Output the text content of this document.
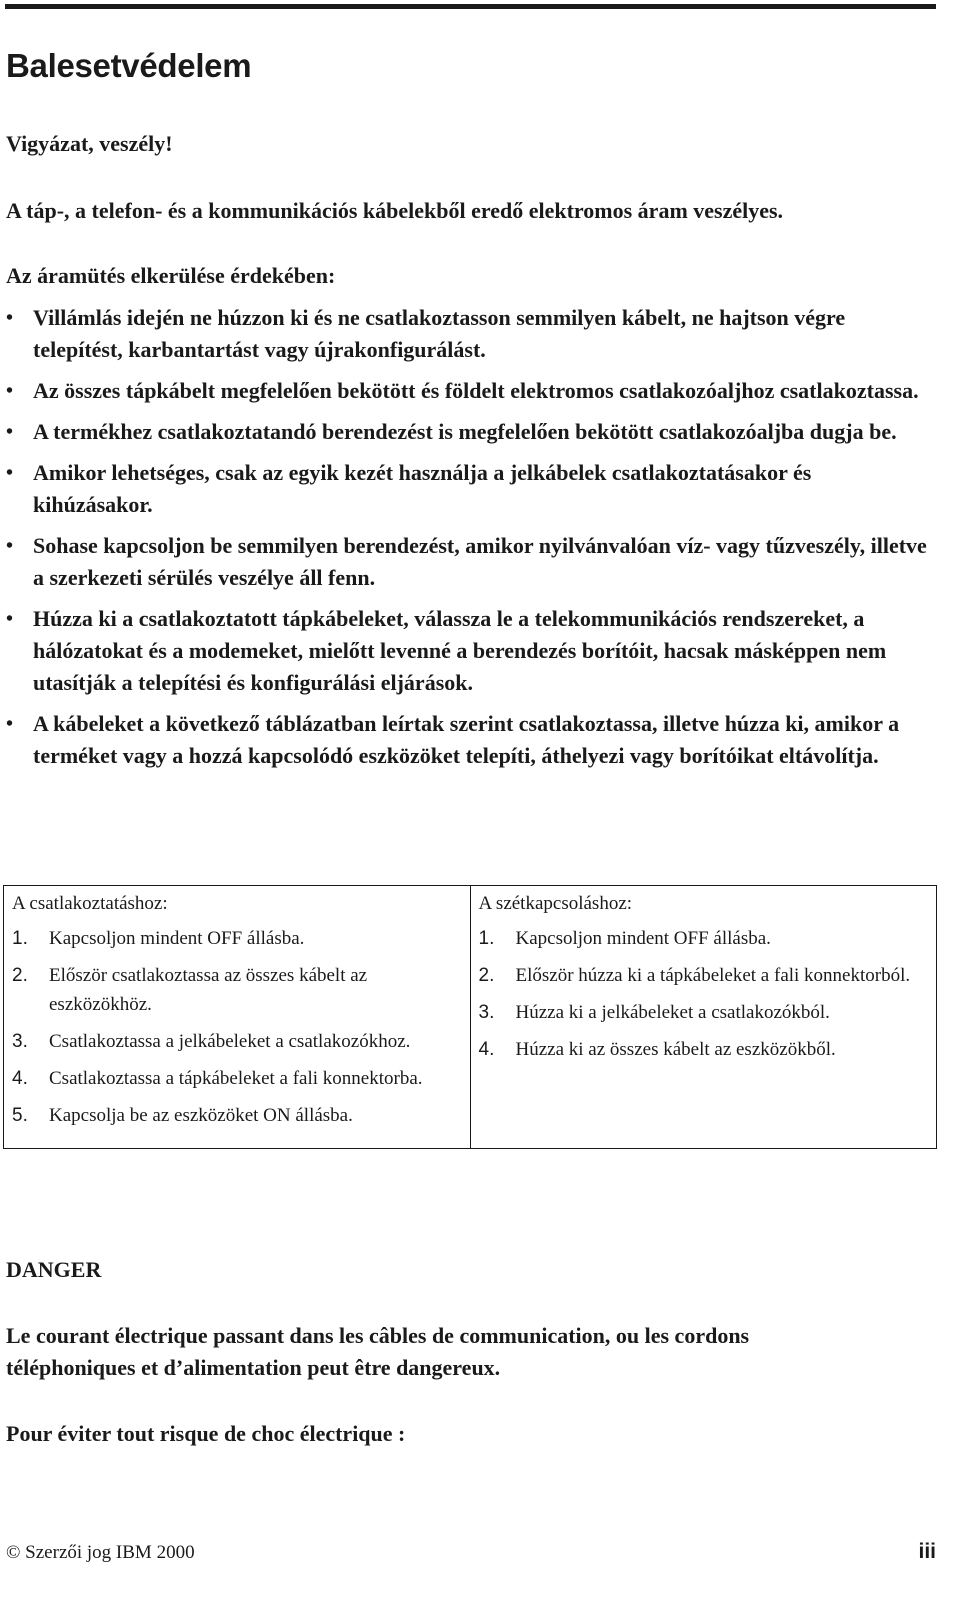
Balesetvédelem

Vigyázat, veszély!

A táp-, a telefon- és a kommunikációs kábelekből eredő elektromos áram veszélyes.

Az áramütés elkerülése érdekében:

• Villámlás idején ne húzzon ki és ne csatlakoztasson semmilyen kábelt, ne hajtson végre telepítést, karbantartást vagy újrakonfigurálást.
• Az összes tápkábelt megfelelően bekötött és földelt elektromos csatlakozóaljhoz csatlakoztassa.
• A termékhez csatlakoztatandó berendezést is megfelelően bekötött csatlakozóaljba dugja be.
• Amikor lehetséges, csak az egyik kezét használja a jelkábelek csatlakoztatásakor és kihúzásakor.
• Sohase kapcsoljon be semmilyen berendezést, amikor nyilvánvalóan víz- vagy tűzveszély, illetve a szerkezeti sérülés veszélye áll fenn.
• Húzza ki a csatlakoztatott tápkábeleket, válassza le a telekommunikációs rendszereket, a hálózatokat és a modemeket, mielőtt levenné a berendezés borítóit, hacsak másképpen nem utasítják a telepítési és konfigurálási eljárások.
• A kábeleket a következő táblázatban leírtak szerint csatlakoztassa, illetve húzza ki, amikor a terméket vagy a hozzá kapcsolódó eszközöket telepíti, áthelyezi vagy borítóikat eltávolítja.
A csatlakoztatáshoz:
1. Kapcsoljon mindent OFF állásba.
2. Először csatlakoztassa az összes kábelt az eszközökhöz.
3. Csatlakoztassa a jelkábeleket a csatlakozókhoz.
4. Csatlakoztassa a tápkábeleket a fali konnektorba.
5. Kapcsolja be az eszközöket ON állásba.

A szétkapcsoláshoz:
1. Kapcsoljon mindent OFF állásba.
2. Először húzza ki a tápkábeleket a fali konnektorból.
3. Húzza ki a jelkábeleket a csatlakozókból.
4. Húzza ki az összes kábelt az eszközökből.

DANGER

Le courant électrique passant dans les câbles de communication, ou les cordons

téléphoniques et d’alimentation peut être dangereux.

Pour éviter tout risque de choc électrique :

© Szerzői jog IBM 2000	iii
